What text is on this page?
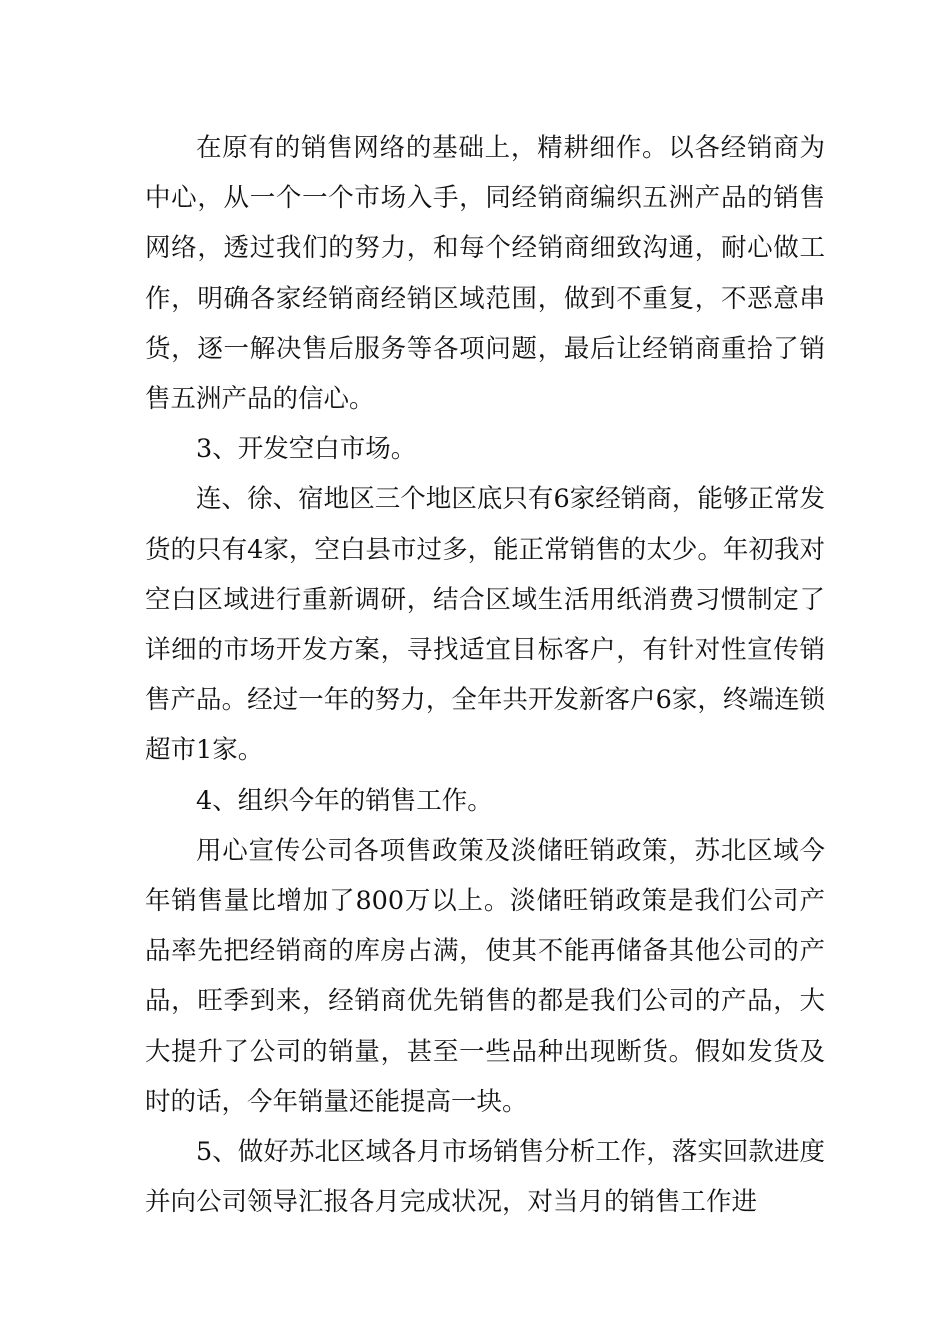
在原有的销售网络的基础上，精耕细作。以各经销商为中心，从一个一个市场入手，同经销商编织五洲产品的销售网络，透过我们的努力，和每个经销商细致沟通，耐心做工作，明确各家经销商经销区域范围，做到不重复，不恶意串货，逐一解决售后服务等各项问题，最后让经销商重拾了销售五洲产品的信心。

3、开发空白市场。

连、徐、宿地区三个地区底只有6家经销商，能够正常发货的只有4家，空白县市过多，能正常销售的太少。年初我对空白区域进行重新调研，结合区域生活用纸消费习惯制定了详细的市场开发方案，寻找适宜目标客户，有针对性宣传销售产品。经过一年的努力，全年共开发新客户6家，终端连锁超市1家。

4、组织今年的销售工作。

用心宣传公司各项售政策及淡储旺销政策，苏北区域今年销售量比增加了800万以上。淡储旺销政策是我们公司产品率先把经销商的库房占满，使其不能再储备其他公司的产品，旺季到来，经销商优先销售的都是我们公司的产品，大大提升了公司的销量，甚至一些品种出现断货。假如发货及时的话，今年销量还能提高一块。

5、做好苏北区域各月市场销售分析工作，落实回款进度并向公司领导汇报各月完成状况，对当月的销售工作进
